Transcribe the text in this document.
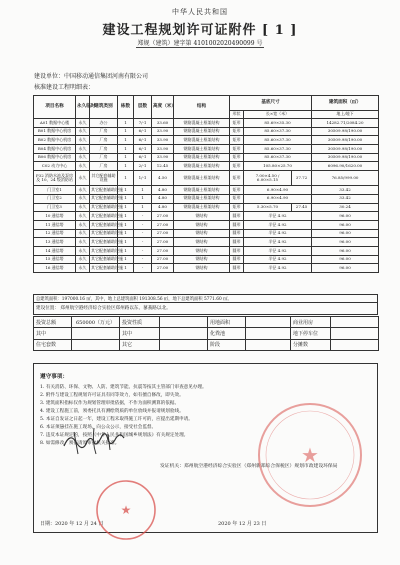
中华人民共和国
建设工程规划许可证附件 [ 1 ]
郑规（建筑）建字第 4101002020490099 号
建设单位：中国移动通信集团河南有限公司
核准建设工程明细表：
项目名称	永久临时	建筑类别	栋数	层数	高度（米）	结构	基底尺寸			建筑面积（㎡）
							形状	长×宽（米）		地上/地下
A01 数据中心楼	永久	办公	1	7/-1	33.60	钢筋混凝土框架结构	矩形	85.69×35.30		14282.71/2084.20
B01 数据中心机房	永久	厂房	1	6/-1	33.90	钢筋混凝土框架结构	矩形	85.60×37.30		30509.98/190.00
B02 数据中心机房	永久	厂房	1	6/-1	33.90	钢筋混凝土框架结构	矩形	85.60×37.30		30509.98/190.00
B04 数据中心机房	永久	厂房	1	6/-1	33.90	钢筋混凝土框架结构	矩形	85.60×37.30		30509.98/190.00
B06 数据中心机房	永久	厂房	1	6/-1	33.90	钢筋混凝土框架结构	矩形	85.60×37.30		30509.98/190.00
C02 动力中心	永久	厂房	1	2/-1	12.45	钢筋混凝土框架结构	矩形	105.80×25.70		6096.90/1620.00
P32 消防水池及泵房及 10、24 级消防站	永久	其它配套辅助设施	1	1/-1	4.50	钢筋混凝土框架结构	矩形	7.00×4.50 / 6.00×5.15	37.72	76.85/999.00
门卫室1	永久	其它配套辅助设施	1	1	4.80	钢筋混凝土框架结构	矩形	6.90×4.90		33.42
门卫室2	永久	其它配套辅助设施	1	1	4.80	钢筋混凝土框架结构	矩形	6.90×4.90		33.42
门卫室3	永久	其它配套辅助设施	1	1	4.80	钢筋混凝土框架结构	矩形	5.30×5.70	27.45	30.24
10 通信塔	永久	其它配套辅助设施	1	-	27.00	钢结构	圆形	半径 4.92		96.00
11 通信塔	永久	其它配套辅助设施	1	-	27.00	钢结构	圆形	半径 4.92		96.00
12 通信塔	永久	其它配套辅助设施	1	-	27.00	钢结构	圆形	半径 4.92		96.00
13 通信塔	永久	其它配套辅助设施	1	-	27.00	钢结构	圆形	半径 4.92		96.00
14 通信塔	永久	其它配套辅助设施	1	-	27.00	钢结构	圆形	半径 4.92		96.00
15 通信塔	永久	其它配套辅助设施	1	-	27.00	钢结构	圆形	半径 4.92		96.00
16 通信塔	永久	其它配套辅助设施	1	-	27.00	钢结构	圆形	半径 4.92		96.00
总建筑面积：197000.16 ㎡，其中，地上总建筑面积 191308.56 ㎡，地下总建筑面积 5771.60 ㎡。
建设位置： 郑州航空港经济综合实验区郑州路以东、蓼莪路以北。
投资总额	650000（万元）	投资性质		用地面积		商业用房	
其中		其中		化粪池		地下停车位	
住宅套数		其它		阶段		分摊数	
遵守事项：
1. 有关消防、环保、文物、人防、建筑节能、抗震等按其主管部门审查意见办理。
2. 附件与建设工程规划许可证具有同等效力，如有擅自修改，即失效。
3. 建筑面积指标仅作为规划管理审批依据，不作为面积测算的依据。
4. 建设工程施工前，须委托具有测绘资质的单位放线并报请规划验线。
5. 本证自发证之日起一年，建设工程未取得施工许可的，应提出延期申请。
6. 本证须悬挂在施工现场，向公众公示，接受社会监督。
7. 违反本证规定的，按照《中华人民共和国城乡规划法》有关规定处理。
8. 如需修改，须报请原审批机关批准。
发证机关：郑州航空港经济综合实验区（郑州新郑综合保税区）规划市政建设环保局
日期：2020 年 12 月 24 日	2020 年 12 月 23 日
★
★
